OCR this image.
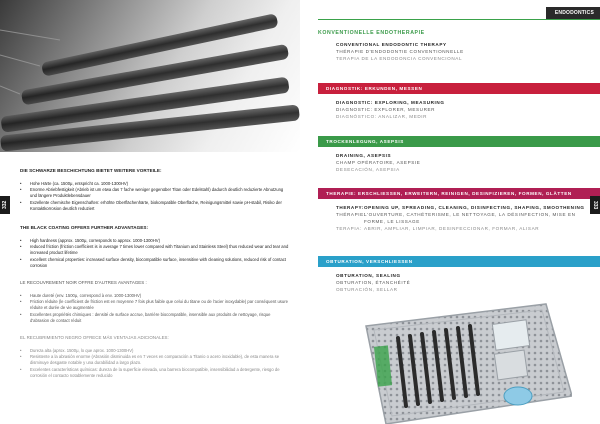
332
DIE SCHWARZE BESCHICHTUNG BIETET WEITERE VORTEILE:
• Hohe Härte (ca. 1500μ, entspricht ca. 1000-1300HV)
• Enorme Abriebfestigkeit (Abrieb ist um etwa das 7 fache weniger gegenüber Titan oder Edelstahl) dadurch deutlich reduzierte Abnutzung und längere Produktlebensdauer
• Exzellente chemische Eigenschaften: erhöhte Oberflächenhärte, biokompatible Oberfläche, Reinigungsmittel sowie pH-stabil, Risiko der Kontaktkorrosion deutlich reduziert
THE BLACK COATING OFFERS FURTHER ADVANTAGES:
• High hardness (approx. 1500μ, corresponds to approx. 1000-1300HV)
• reduced friction (friction coefficient is in average 7 times lower compared with Titanium and Stainless Steel) thus reduced wear and tear and increased product lifetime
• excellent chemical properties: increased surface density, biocompatible surface, insensitive with cleaning solutions, reduced risk of contact corrosion
LE RECOUVREMENT NOIR OFFRE D'AUTRES AVANTAGES :
• Haute dureté (env. 1500μ, correspond à env. 1000-1300HV)
• Friction réduite (le coefficient de friction est en moyenne 7 fois plus faible que celui du titane ou de l'acier inoxydable) par conséquent usure réduite et durée de vie augmentée
• Excellentes propriétés chimiques : densité de surface accrue, barrière biocompatible, insensible aux produits de nettoyage, risque d'abrasion de contact réduit
EL RECUBRIMIENTO NEGRO OFRECE MÁS VENTAJAS ADICIONALES:
• Dureza alta (aprox. 1500μ, lo que aprox. 1000-1300HV)
• Resistente a la abrasión enorme (Abrasión disminuida es en 7 veces en comparación a Titanio o acero inoxidable), de esta manera se disminuye desgaste notable y una durabilidad a largo plazo.
• Excelentes características químicas: dureza de la superficie elevada, una barrera biocompatible, insensibilidad a detergente, riesgo de corrosión el contacto notablemente reducido
ENDODONTICS
KONVENTIONELLE ENDOTHERAPIE
CONVENTIONAL ENDODONTIC THERAPY
THÉRAPIE D'ENDODONTIE CONVENTIONNELLE
TERAPIA DE LA ENDODONCIA CONVENCIONAL
DIAGNOSTIK: ERKUNDEN, MESSEN
DIAGNOSTIC: EXPLORING, MEASURING
DIAGNOSTIC: EXPLORER, MESURER
DIAGNÓSTICO: ANALIZAR, MEDIR
TROCKENLEGUNG, ASEPSIS
DRAINING, ASEPSIS
CHAMP OPÉRATOIRE, ASEPSIE
DESECACIÓN, ASEPSIA
THERAPIE: ERSCHLIESSEN, ERWEITERN, REINIGEN, DESINFIZIEREN, FORMEN, GLÄTTEN
THERAPY: OPENING UP, SPREADING, CLEANING, DISINFECTING, SHAPING, SMOOTHENING
THÉRAPIE:
L'OUVERTURE, CATHÉTERISME, LE NETTOYAGE, LA DÉSINFECTION, MISE EN FORME, LE LISSAGE
TERAPIA: ABRIR, AMPLIAR, LIMPIAR, DESINFECCIONAR, FORMAR, ALISAR
OBTURATION, VERSCHLIESSEN
OBTURATION, SEALING
OBTURATION, ÉTANCHÉITÉ
OBTURACIÓN, SELLAR
333
